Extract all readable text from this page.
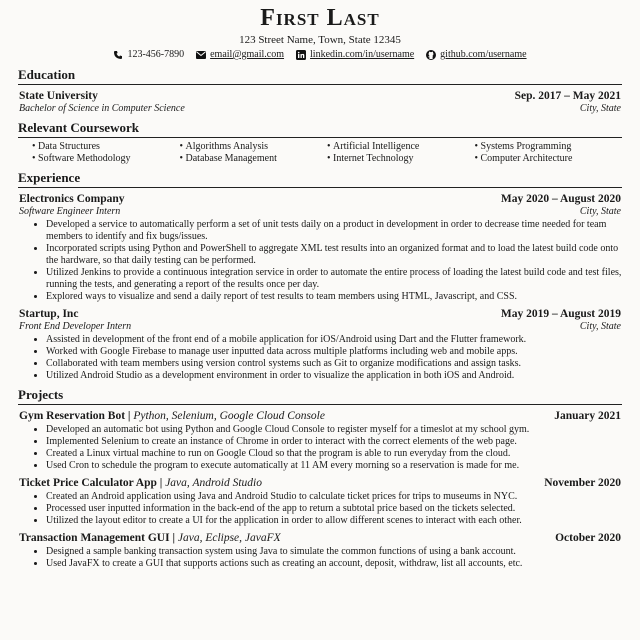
First Last
123 Street Name, Town, State 12345
123-456-7890	email@gmail.com	linkedin.com/in/username	github.com/username
Education
State University	Sep. 2017 – May 2021
Bachelor of Science in Computer Science	City, State
Relevant Coursework
• Data Structures	• Algorithms Analysis	• Artificial Intelligence	• Systems Programming
• Software Methodology	• Database Management	• Internet Technology	• Computer Architecture
Experience
Electronics Company	May 2020 – August 2020
Software Engineer Intern	City, State
• Developed a service to automatically perform a set of unit tests daily on a product in development in order to decrease time needed for team members to identify and fix bugs/issues.
• Incorporated scripts using Python and PowerShell to aggregate XML test results into an organized format and to load the latest build code onto the hardware, so that daily testing can be performed.
• Utilized Jenkins to provide a continuous integration service in order to automate the entire process of loading the latest build code and test files, running the tests, and generating a report of the results once per day.
• Explored ways to visualize and send a daily report of test results to team members using HTML, Javascript, and CSS.
Startup, Inc	May 2019 – August 2019
Front End Developer Intern	City, State
• Assisted in development of the front end of a mobile application for iOS/Android using Dart and the Flutter framework.
• Worked with Google Firebase to manage user inputted data across multiple platforms including web and mobile apps.
• Collaborated with team members using version control systems such as Git to organize modifications and assign tasks.
• Utilized Android Studio as a development environment in order to visualize the application in both iOS and Android.
Projects
Gym Reservation Bot | Python, Selenium, Google Cloud Console	January 2021
• Developed an automatic bot using Python and Google Cloud Console to register myself for a timeslot at my school gym.
• Implemented Selenium to create an instance of Chrome in order to interact with the correct elements of the web page.
• Created a Linux virtual machine to run on Google Cloud so that the program is able to run everyday from the cloud.
• Used Cron to schedule the program to execute automatically at 11 AM every morning so a reservation is made for me.
Ticket Price Calculator App | Java, Android Studio	November 2020
• Created an Android application using Java and Android Studio to calculate ticket prices for trips to museums in NYC.
• Processed user inputted information in the back-end of the app to return a subtotal price based on the tickets selected.
• Utilized the layout editor to create a UI for the application in order to allow different scenes to interact with each other.
Transaction Management GUI | Java, Eclipse, JavaFX	October 2020
• Designed a sample banking transaction system using Java to simulate the common functions of using a bank account.
• Used JavaFX to create a GUI that supports actions such as creating an account, deposit, withdraw, list all accounts, etc.
